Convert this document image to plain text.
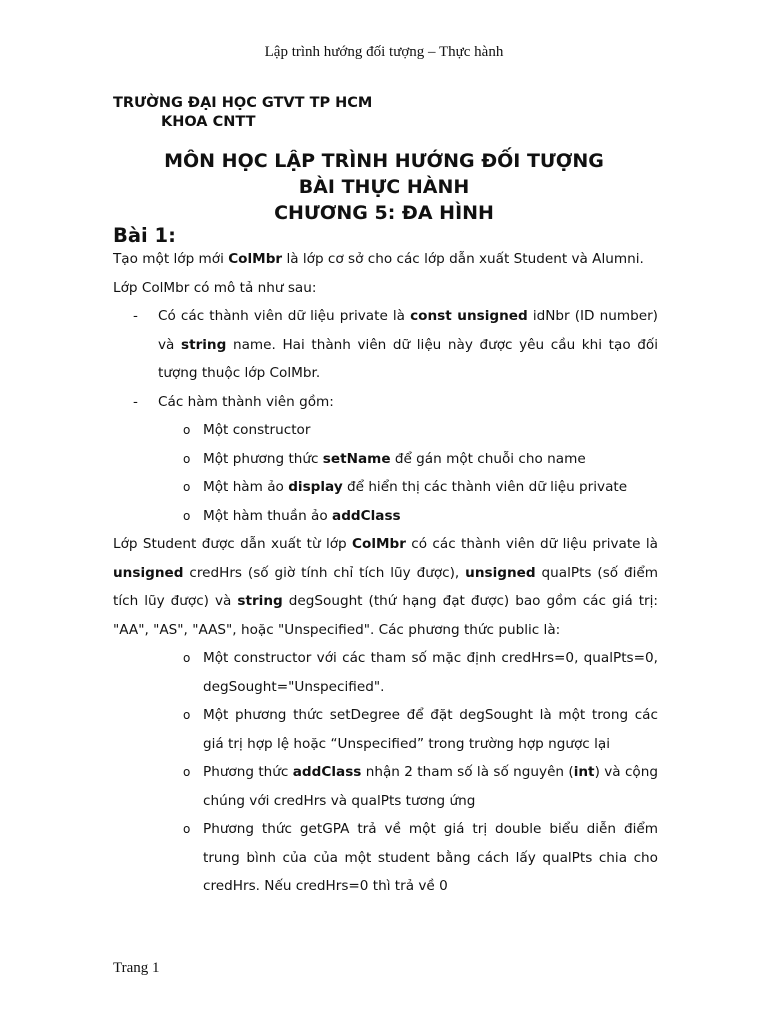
Lập trình hướng đối tượng – Thực hành
TRƯỜNG ĐẠI HỌC GTVT TP HCM
KHOA CNTT
MÔN HỌC LẬP TRÌNH HƯỚNG ĐỐI TƯỢNG
BÀI THỰC HÀNH
CHƯƠNG 5: ĐA HÌNH
Bài 1:

Tạo một lớp mới ColMbr là lớp cơ sở cho các lớp dẫn xuất Student và Alumni.

Lớp ColMbr có mô tả như sau:

- Có các thành viên dữ liệu private là const unsigned idNbr (ID number) và string name. Hai thành viên dữ liệu này được yêu cầu khi tạo đối tượng thuộc lớp ColMbr.

- Các hàm thành viên gồm:

o Một constructor

o Một phương thức setName để gán một chuỗi cho name

o Một hàm ảo display để hiển thị các thành viên dữ liệu private

o Một hàm thuần ảo addClass

Lớp Student được dẫn xuất từ lớp ColMbr có các thành viên dữ liệu private là unsigned credHrs (số giờ tính chỉ tích lũy được), unsigned qualPts (số điểm tích lũy được) và string degSought (thứ hạng đạt được) bao gồm các giá trị: "AA", "AS", "AAS", hoặc "Unspecified". Các phương thức public là:

o Một constructor với các tham số mặc định credHrs=0, qualPts=0, degSought="Unspecified".

o Một phương thức setDegree để đặt degSought là một trong các giá trị hợp lệ hoặc “Unspecified” trong trường hợp ngược lại

o Phương thức addClass nhận 2 tham số là số nguyên (int) và cộng chúng với credHrs và qualPts tương ứng

o Phương thức getGPA trả về một giá trị double biểu diễn điểm trung bình của của một student bằng cách lấy qualPts chia cho credHrs. Nếu credHrs=0 thì trả về 0

Trang 1
